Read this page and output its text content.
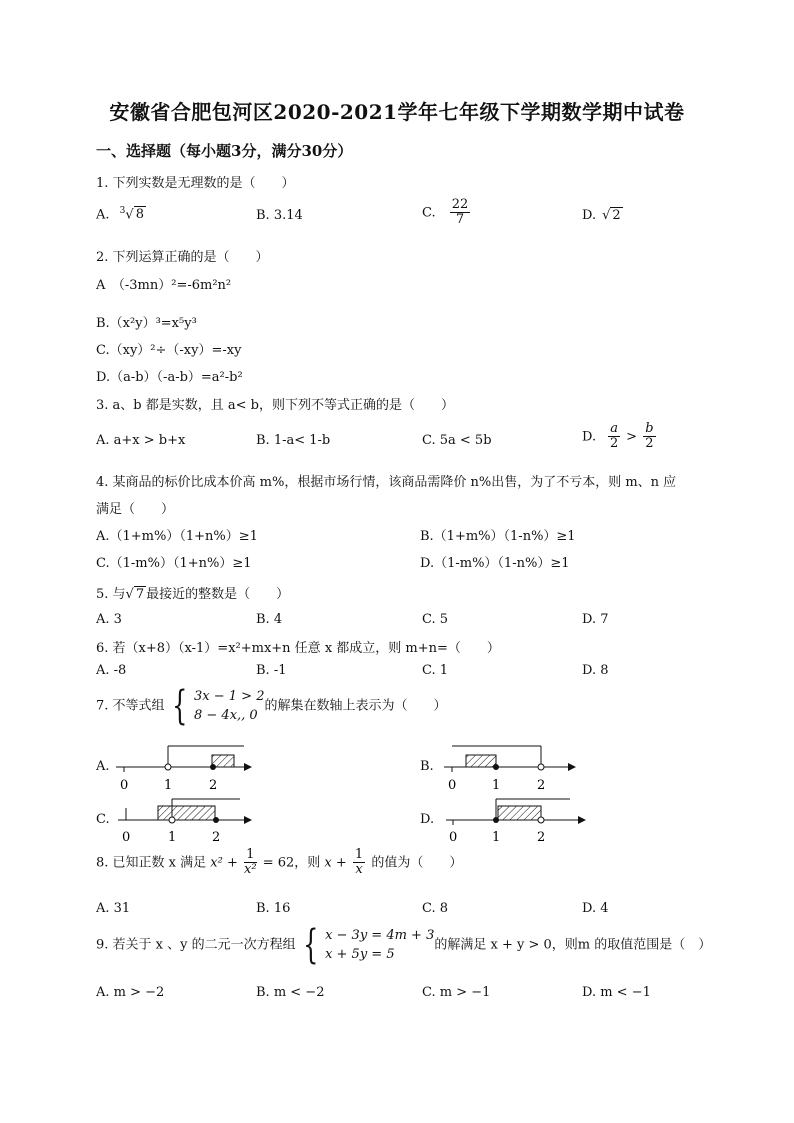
安徽省合肥包河区2020-2021学年七年级下学期数学期中试卷
一、选择题（每小题3分，满分30分）
1. 下列实数是无理数的是（　　）
A. $^3$√ 8	B. 3.14	C. $\frac{22}{7}$	D. √ 2
2. 下列运算正确的是（　　）
A　（-3mn）²=-6m²n²
B.（x²y）³=x⁵y³
C.（xy）²÷（-xy）=-xy
D.（a-b）（-a-b）=a²-b²
3. a、b 都是实数，且 a< b，则下列不等式正确的是（　　）
A. a+x > b+x	B. 1-a< 1-b	C. 5a < 5b	D. $\frac{a}{2} > \frac{b}{2}$
4. 某商品的标价比成本价高 m%，根据市场行情，该商品需降价 n%出售，为了不亏本，则 m、n 应
满足（　　）
A.（1+m%）（1+n%）≥1	B.（1+m%）（1-n%）≥1
C.（1-m%）（1+n%）≥1	D.（1-m%）（1-n%）≥1
5. 与√ 7 最接近的整数是（　　）
A. 3	B. 4	C. 5	D. 7
6. 若（x+8）（x-1）=x²+mx+n 任意 x 都成立，则 m+n=（　　）
A. -8	B. -1	C. 1	D. 8
7. 不等式组 { 3x − 1 > 2
8 − 4x,, 0
的解集在数轴上表示为（　　）
0	1	2	0	1	2
0	1	2	0	1	2
A.	B.
C.	D.
8. 已知正数 x 满足 $x^2 + \frac{1}{\text{x²}} = 62$，则 $x + \frac{1}{x}$ 的值为（　　）
A. 31	B. 16	C. 8	D. 4
9. 若关于 x 、y 的二元一次方程组 { x − 3y = 4m + 3
x + 5y = 5
的解满足 x + y > 0，则m 的取值范围是（　）
A. m > −2	B. m < −2	C. m > −1	D. m < −1
